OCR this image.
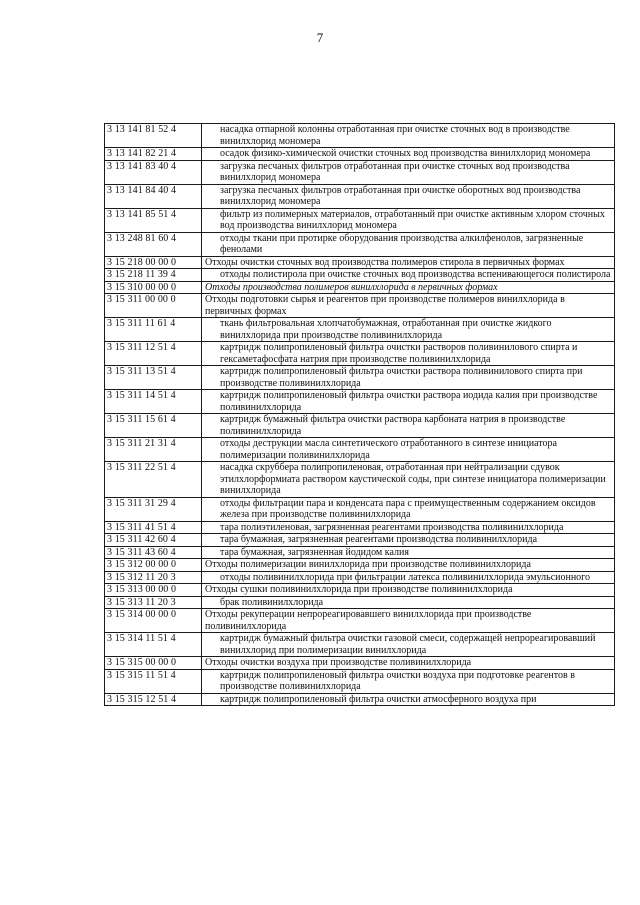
7
3 13 141 81 52 4	насадка отпарной колонны отработанная при очистке сточных вод в производстве винилхлорид мономера
3 13 141 82 21 4	осадок физико-химической очистки сточных вод производства винилхлорид мономера
3 13 141 83 40 4	загрузка песчаных фильтров отработанная при очистке сточных вод производства винилхлорид мономера
3 13 141 84 40 4	загрузка песчаных фильтров отработанная при очистке оборотных вод производства винилхлорид мономера
3 13 141 85 51 4	фильтр из полимерных материалов, отработанный при очистке активным хлором сточных вод производства винилхлорид мономера
3 13 248 81 60 4	отходы ткани при протирке оборудования производства алкилфенолов, загрязненные фенолами
3 15 218 00 00 0	Отходы очистки сточных вод производства полимеров стирола в первичных формах
3 15 218 11 39 4	отходы полистирола при очистке сточных вод производства вспенивающегося полистирола
3 15 310 00 00 0	Отходы производства полимеров винилхлорида в первичных формах
3 15 311 00 00 0	Отходы подготовки сырья и реагентов при производстве полимеров винилхлорида в первичных формах
3 15 311 11 61 4	ткань фильтровальная хлопчатобумажная, отработанная при очистке жидкого винилхлорида при производстве поливинилхлорида
3 15 311 12 51 4	картридж полипропиленовый фильтра очистки растворов поливинилового спирта и гексаметафосфата натрия при производстве поливинилхлорида
3 15 311 13 51 4	картридж полипропиленовый фильтра очистки раствора поливинилового спирта при производстве поливинилхлорида
3 15 311 14 51 4	картридж полипропиленовый фильтра очистки раствора иодида калия при производстве поливинилхлорида
3 15 311 15 61 4	картридж бумажный фильтра очистки раствора карбоната натрия в производстве поливинилхлорида
3 15 311 21 31 4	отходы деструкции масла синтетического отработанного в синтезе инициатора полимеризации поливинилхлорида
3 15 311 22 51 4	насадка скруббера полипропиленовая, отработанная при нейтрализации сдувок этилхлорформиата раствором каустической соды, при синтезе инициатора полимеризации винилхлорида
3 15 311 31 29 4	отходы фильтрации пара и конденсата пара с преимущественным содержанием оксидов железа при производстве поливинилхлорида
3 15 311 41 51 4	тара полиэтиленовая, загрязненная реагентами производства поливинилхлорида
3 15 311 42 60 4	тара бумажная, загрязненная реагентами производства поливинилхлорида
3 15 311 43 60 4	тара бумажная, загрязненная йодидом калия
3 15 312 00 00 0	Отходы полимеризации винилхлорида при производстве поливинилхлорида
3 15 312 11 20 3	отходы поливинилхлорида при фильтрации латекса поливинилхлорида эмульсионного
3 15 313 00 00 0	Отходы сушки поливинилхлорида при производстве поливинилхлорида
3 15 313 11 20 3	брак поливинилхлорида
3 15 314 00 00 0	Отходы рекуперации непрореагировавшего винилхлорида при производстве поливинилхлорида
3 15 314 11 51 4	картридж бумажный фильтра очистки газовой смеси, содержащей непрореагировавший винилхлорид при полимеризации винилхлорида
3 15 315 00 00 0	Отходы очистки воздуха при производстве поливинилхлорида
3 15 315 11 51 4	картридж полипропиленовый фильтра очистки воздуха при подготовке реагентов в производстве поливинилхлорида
3 15 315 12 51 4	картридж полипропиленовый фильтра очистки атмосферного воздуха при
